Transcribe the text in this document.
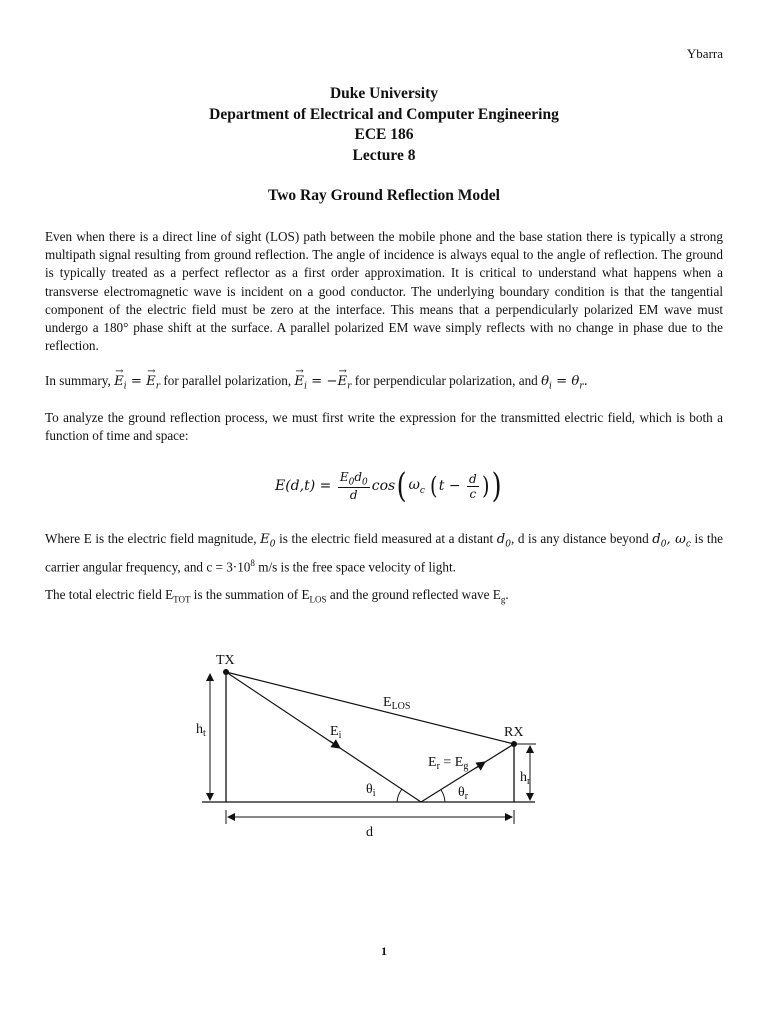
Ybarra
Duke University
Department of Electrical and Computer Engineering
ECE 186
Lecture 8
Two Ray Ground Reflection Model
Even when there is a direct line of sight (LOS) path between the mobile phone and the base station there is typically a strong multipath signal resulting from ground reflection. The angle of incidence is always equal to the angle of reflection. The ground is typically treated as a perfect reflector as a first order approximation. It is critical to understand what happens when a transverse electromagnetic wave is incident on a good conductor. The underlying boundary condition is that the tangential component of the electric field must be zero at the interface. This means that a perpendicularly polarized EM wave must undergo a 180° phase shift at the surface. A parallel polarized EM wave simply reflects with no change in phase due to the reflection.
In summary, → $E_i$ = → $E_r$ for parallel polarization, → $E_i$ = −→ $E_r$ for perpendicular polarization, and $\theta_i = \theta_r$.
To analyze the ground reflection process, we must first write the expression for the transmitted electric field, which is both a function of time and space:
$E(d,t) = \frac{E_0d_0}{d}$ cos ( $\omega_c$ ( $t - \frac{d}{c}$ ) )
Where E is the electric field magnitude, $E_0$ is the electric field measured at a distant $d_0$, d is any distance beyond $d_0$, $\omega_c$ is the carrier angular frequency, and $c = 3\cdot 10^8$ m/s is the free space velocity of light.
The total electric field $E_{TOT}$ is the summation of $E_{LOS}$ and the ground reflected wave $E_g$.
TX
RX
$E_{LOS}$
$E_i$
$h_t$
$h_r$
$E_r = E_g$
$\theta_i$	$\theta_r$
d
1
